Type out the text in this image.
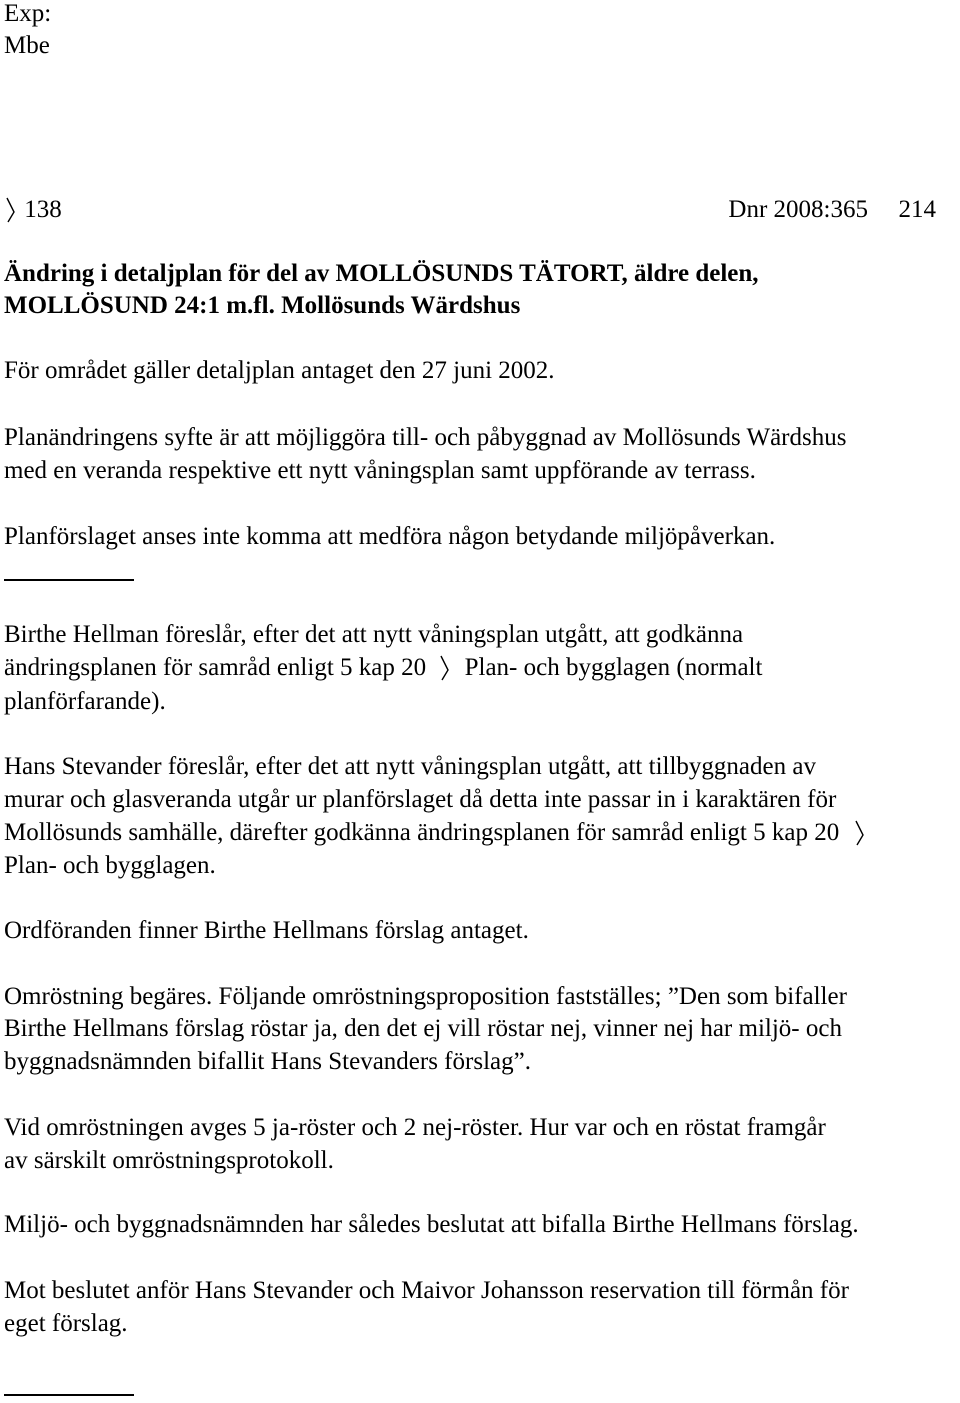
Exp:
Mbe
138	Dnr 2008:365 214
Ändring i detaljplan för del av MOLLÖSUNDS TÄTORT, äldre delen,
MOLLÖSUND 24:1 m.fl. Mollösunds Wärdshus
För området gäller detaljplan antaget den 27 juni 2002.
Planändringens syfte är att möjliggöra till- och påbyggnad av Mollösunds Wärdshus
med en veranda respektive ett nytt våningsplan samt uppförande av terrass.
Planförslaget anses inte komma att medföra någon betydande miljöpåverkan.
Birthe Hellman föreslår, efter det att nytt våningsplan utgått, att godkänna
ändringsplanen för samråd enligt 5 kap 20 Plan- och bygglagen (normalt
planförfarande).
Hans Stevander föreslår, efter det att nytt våningsplan utgått, att tillbyggnaden av
murar och glasveranda utgår ur planförslaget då detta inte passar in i karaktären för
Mollösunds samhälle, därefter godkänna ändringsplanen för samråd enligt 5 kap 20
Plan- och bygglagen.
Ordföranden finner Birthe Hellmans förslag antaget.
Omröstning begäres. Följande omröstningsproposition fastställes; ”Den som bifaller
Birthe Hellmans förslag röstar ja, den det ej vill röstar nej, vinner nej har miljö- och
byggnadsnämnden bifallit Hans Stevanders förslag”.
Vid omröstningen avges 5 ja-röster och 2 nej-röster. Hur var och en röstat framgår
av särskilt omröstningsprotokoll.
Miljö- och byggnadsnämnden har således beslutat att bifalla Birthe Hellmans förslag.
Mot beslutet anför Hans Stevander och Maivor Johansson reservation till förmån för
eget förslag.
